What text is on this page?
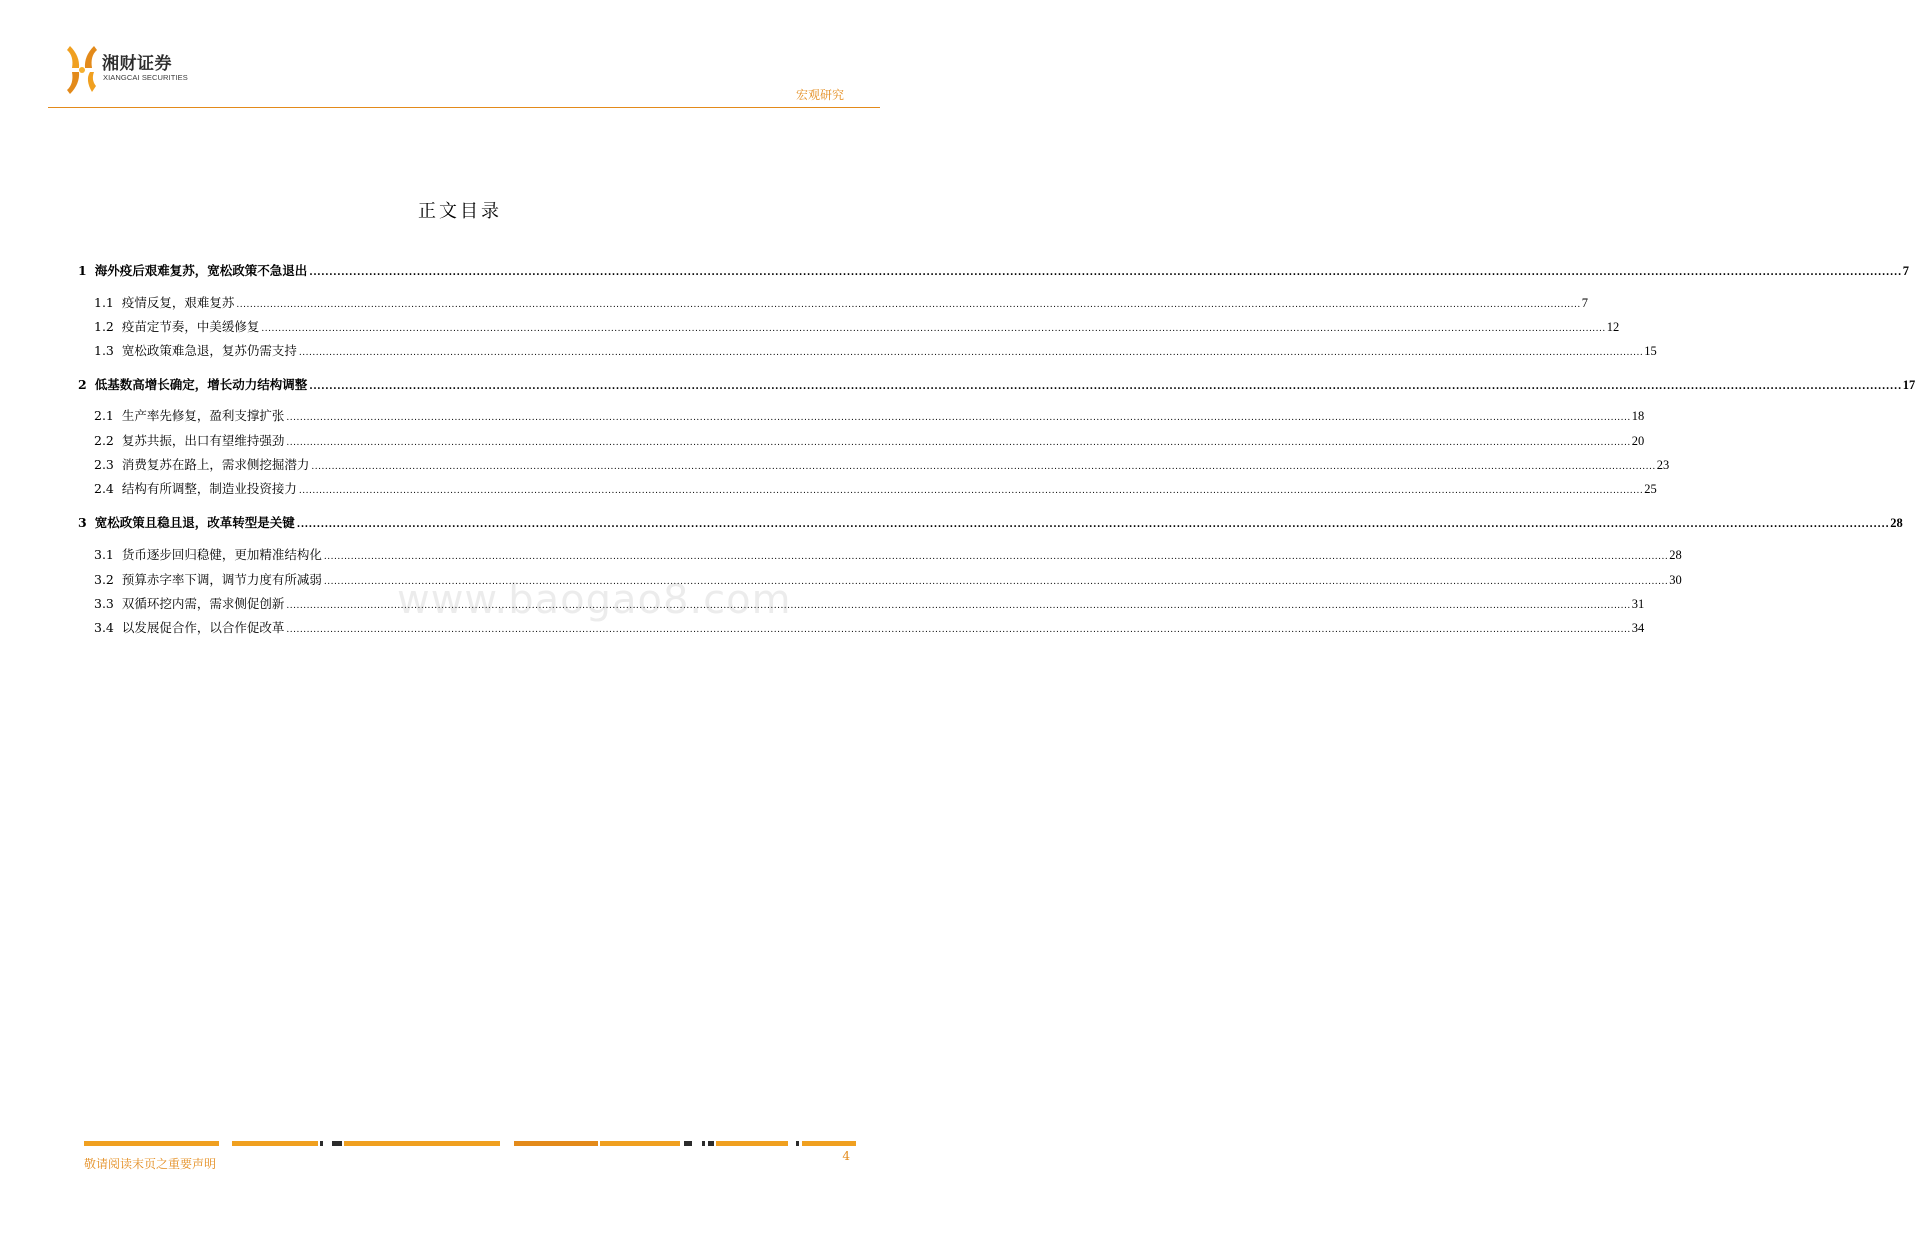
湘财证券
XIANGCAI SECURITIES
宏观研究
正文目录
1 海外疫后艰难复苏，宽松政策不急退出 ................................................................................................................................................................................................................................................................................................................................................................................................................ 7
1.1 疫情反复，艰难复苏 ................................................................................................................................................................................................................................................................................................................................................................................................................ 7
1.2 疫苗定节奏，中美缓修复 ................................................................................................................................................................................................................................................................................................................................................................................................................ 12
1.3 宽松政策难急退，复苏仍需支持 ................................................................................................................................................................................................................................................................................................................................................................................................................ 15
2 低基数高增长确定，增长动力结构调整 ................................................................................................................................................................................................................................................................................................................................................................................................................ 17
2.1 生产率先修复，盈利支撑扩张 ................................................................................................................................................................................................................................................................................................................................................................................................................ 18
2.2 复苏共振，出口有望维持强劲 ................................................................................................................................................................................................................................................................................................................................................................................................................ 20
2.3 消费复苏在路上，需求侧挖掘潜力 ................................................................................................................................................................................................................................................................................................................................................................................................................ 23
2.4 结构有所调整，制造业投资接力 ................................................................................................................................................................................................................................................................................................................................................................................................................ 25
3 宽松政策且稳且退，改革转型是关键 ................................................................................................................................................................................................................................................................................................................................................................................................................ 28
3.1 货币逐步回归稳健，更加精准结构化 ................................................................................................................................................................................................................................................................................................................................................................................................................ 28
3.2 预算赤字率下调，调节力度有所减弱 ................................................................................................................................................................................................................................................................................................................................................................................................................ 30
3.3 双循环挖内需，需求侧促创新 ................................................................................................................................................................................................................................................................................................................................................................................................................ 31
3.4 以发展促合作，以合作促改革 ................................................................................................................................................................................................................................................................................................................................................................................................................ 34
www.baogao8.com
敬请阅读末页之重要声明
4
